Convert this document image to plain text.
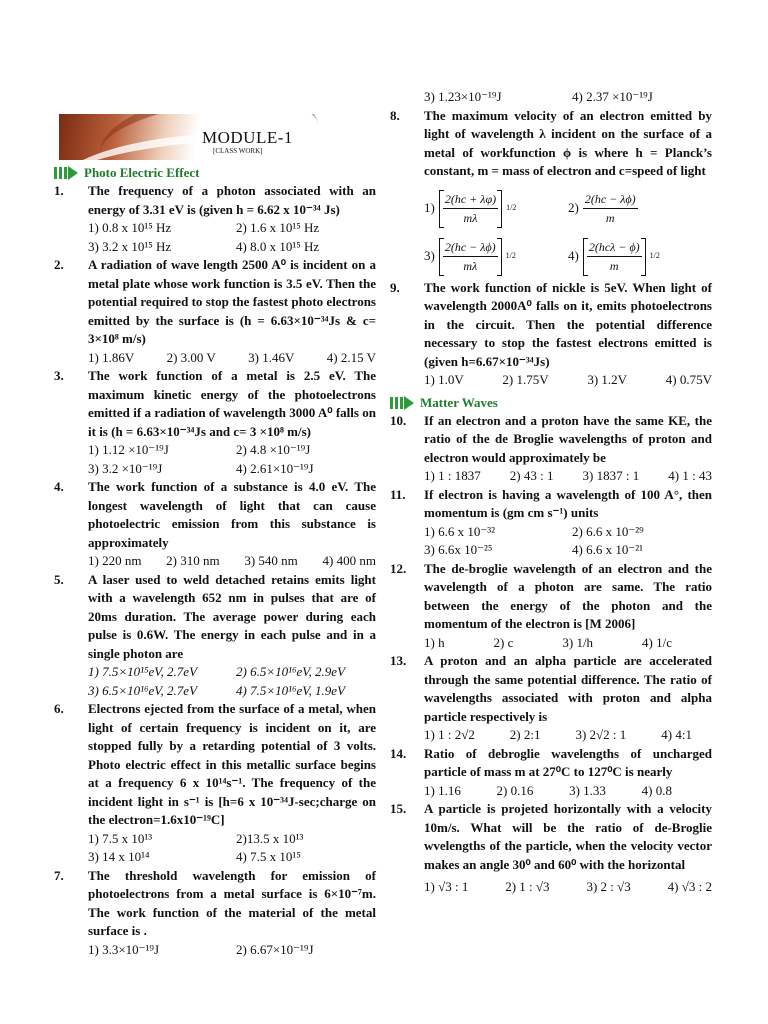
MODULE-1
[CLASS WORK]
Photo Electric Effect
1.	The frequency of a photon associated with an energy of 3.31 eV is (given h = 6.62 x 10⁻³⁴ Js)
1) 0.8 x 10¹⁵ Hz	2) 1.6 x 10¹⁵ Hz
3) 3.2 x 10¹⁵ Hz	4) 8.0 x 10¹⁵ Hz
2.	A radiation of wave length 2500 A⁰ is incident on a metal plate whose work function is 3.5 eV. Then the potential required to stop the fastest photo electrons emitted by the surface is (h = 6.63×10⁻³⁴Js & c= 3×10⁸ m/s)
1) 1.86V 2) 3.00 V 3) 1.46V 4) 2.15 V
3.	The work function of a metal is 2.5 eV. The maximum kinetic energy of the photoelectrons emitted if a radiation of wavelength 3000 A⁰ falls on it is (h = 6.63×10⁻³⁴Js and c= 3 ×10⁸ m/s)
1) 1.12 ×10⁻¹⁹J	2) 4.8 ×10⁻¹⁹J
3) 3.2 ×10⁻¹⁹J	4) 2.61×10⁻¹⁹J
4.	The work function of a substance is 4.0 eV. The longest wavelength of light that can cause photoelectric emission from this substance is approximately
1) 220 nm 2) 310 nm 3) 540 nm 4) 400 nm
5.	A laser used to weld detached retains emits light with a wavelength 652 nm in pulses that are of 20ms duration. The average power during each pulse is 0.6W. The energy in each pulse and in a single photon are
1) 7.5×10¹⁵eV, 2.7eV	2) 6.5×10¹⁶eV, 2.9eV
3) 6.5×10¹⁶eV, 2.7eV	4) 7.5×10¹⁶eV, 1.9eV
6.	Electrons ejected from the surface of a metal, when light of certain frequency is incident on it, are stopped fully by a retarding potential of 3 volts. Photo electric effect in this metallic surface begins at a frequency 6 x 10¹⁴s⁻¹. The frequency of the incident light in s⁻¹ is [h=6 x 10⁻³⁴J-sec;charge on the electron=1.6x10⁻¹⁹C]
1) 7.5 x 10¹³	2)13.5 x 10¹³
3) 14 x 10¹⁴	4) 7.5 x 10¹⁵
7.	The threshold wavelength for emission of photoelectrons from a metal surface is 6×10⁻⁷m. The work function of the material of the metal surface is .
1) 3.3×10⁻¹⁹J	2) 6.67×10⁻¹⁹J
3) 1.23×10⁻¹⁹J	4) 2.37 ×10⁻¹⁹J
8.	The maximum velocity of an electron emitted by light of wavelength λ incident on the surface of a metal of workfunction ϕ is where h = Planck’s constant, m = mass of electron and c=speed of light
$1) \frac{2(hc + \lambda\varphi)}{m\lambda} 1/2$	$2) \frac{2(hc - \lambda\phi)}{m}$
$3) \frac{2(hc - \lambda\phi)}{m\lambda} 1/2$	$4) \frac{\text{2(hcλ − ϕ)}}{m} 1/2$
9.	The work function of nickle is 5eV. When light of wavelength 2000A⁰ falls on it, emits photoelectrons in the circuit. Then the potential difference necessary to stop the fastest electrons emitted is (given h=6.67×10⁻³⁴Js)
1) 1.0V	2) 1.75V	3) 1.2V	4) 0.75V
Matter Waves
10.	If an electron and a proton have the same KE, the ratio of the de Broglie wavelengths of proton and electron would approximately be
1) 1 : 1837 2) 43 : 1 3) 1837 : 1 4) 1 : 43
11.	If electron is having a wavelength of 100 A°, then momentum is (gm cm s⁻¹) units
1) 6.6 x 10⁻³²	2) 6.6 x 10⁻²⁹
3) 6.6x 10⁻²⁵	4) 6.6 x 10⁻²¹
12.	The de-broglie wavelength of an electron and the wavelength of a photon are same. The ratio between the energy of the photon and the momentum of the electron is [M 2006]
1) h	2) c	3) 1/h	4) 1/c
13.	A proton and an alpha particle are accelerated through the same potential difference. The ratio of wavelengths associated with proton and alpha particle respectively is
1) 1 : 2√2	2) 2:1	3) 2√2 : 1	4) 4:1
14.	Ratio of debroglie wavelengths of uncharged particle of mass m at 27⁰C to 127⁰C is nearly
1) 1.16	2) 0.16	3) 1.33	4) 0.8
15.	A particle is projeted horizontally with a velocity 10m/s. What will be the ratio of de-Broglie wvelengths of the particle, when the velocity vector makes an angle 30⁰ and 60⁰ with the horizontal
1) √3 : 1	2) 1 : √3	3) 2 : √3	4) √3 : 2
